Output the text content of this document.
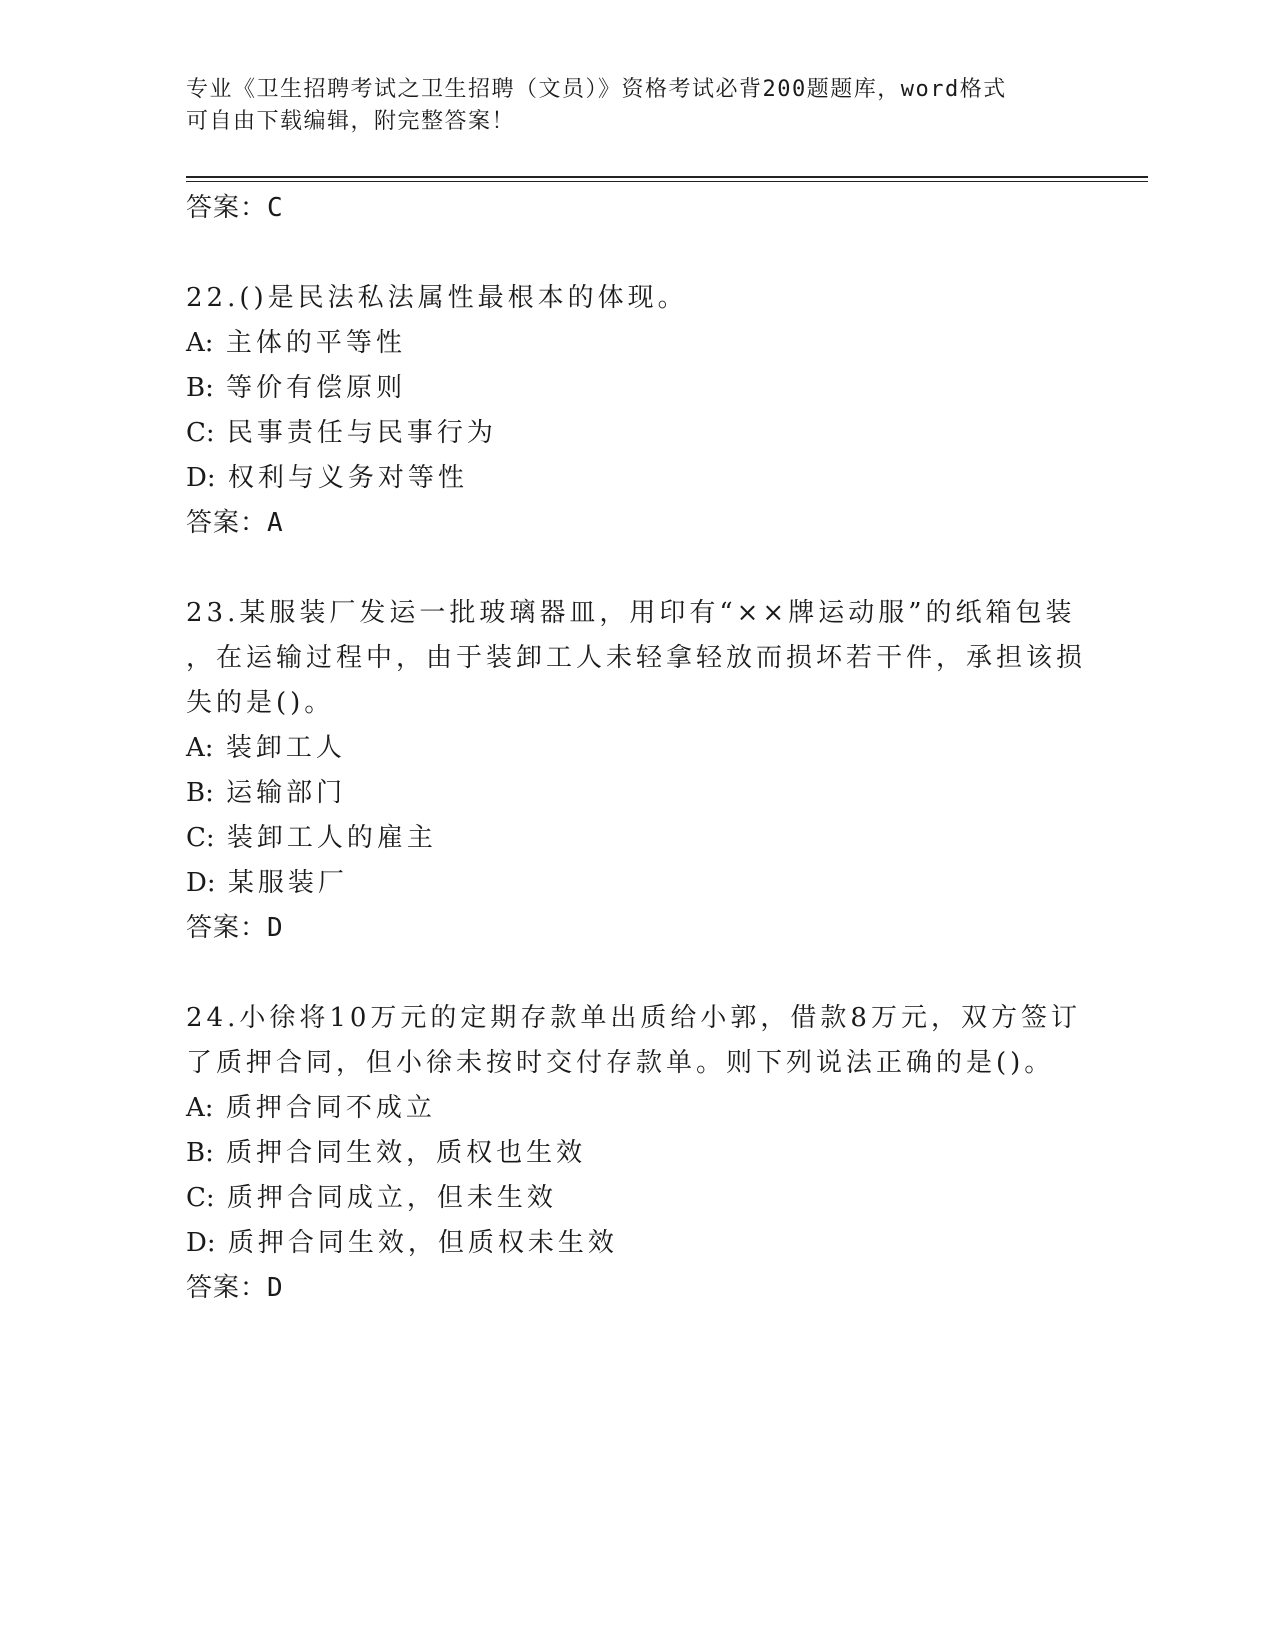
专业《卫生招聘考试之卫生招聘（文员）》资格考试必背200题题库，word格式
可自由下载编辑，附完整答案！
答案：C
22.()是民法私法属性最根本的体现。
A: 主体的平等性
B: 等价有偿原则
C: 民事责任与民事行为
D: 权利与义务对等性
答案：A
23.某服装厂发运一批玻璃器皿，用印有“××牌运动服”的纸箱包装
，在运输过程中，由于装卸工人未轻拿轻放而损坏若干件，承担该损
失的是()。
A: 装卸工人
B: 运输部门
C: 装卸工人的雇主
D: 某服装厂
答案：D
24.小徐将10万元的定期存款单出质给小郭，借款8万元，双方签订
了质押合同，但小徐未按时交付存款单。则下列说法正确的是()。
A: 质押合同不成立
B: 质押合同生效，质权也生效
C: 质押合同成立，但未生效
D: 质押合同生效，但质权未生效
答案：D
